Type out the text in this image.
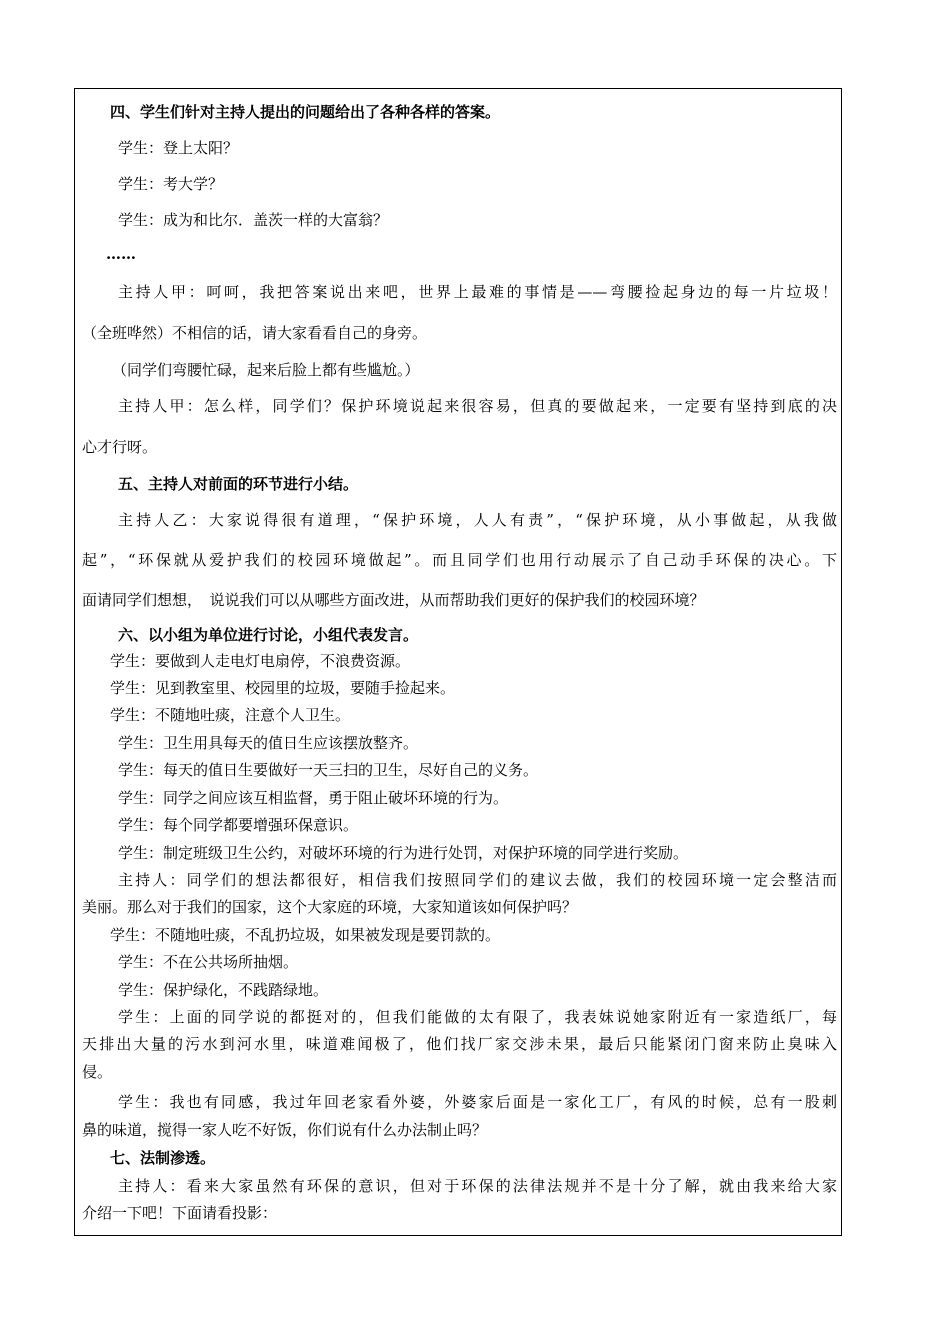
四、学生们针对主持人提出的问题给出了各种各样的答案。
学生：登上太阳？
学生：考大学？
学生：成为和比尔．盖茨一样的大富翁？
……
主持人甲：呵呵，我把答案说出来吧，世界上最难的事情是——弯腰捡起身边的每一片垃圾！
（全班哗然）不相信的话，请大家看看自己的身旁。
（同学们弯腰忙碌，起来后脸上都有些尴尬。）
主持人甲：怎么样，同学们？保护环境说起来很容易，但真的要做起来，一定要有坚持到底的决
心才行呀。
五、主持人对前面的环节进行小结。
主持人乙：大家说得很有道理，“保护环境，人人有责”，“保护环境，从小事做起，从我做
起”，“环保就从爱护我们的校园环境做起”。而且同学们也用行动展示了自己动手环保的决心。下
面请同学们想想，　说说我们可以从哪些方面改进，从而帮助我们更好的保护我们的校园环境？
六、以小组为单位进行讨论，小组代表发言。
学生：要做到人走电灯电扇停，不浪费资源。
学生：见到教室里、校园里的垃圾，要随手捡起来。
学生：不随地吐痰，注意个人卫生。
学生：卫生用具每天的值日生应该摆放整齐。
学生：每天的值日生要做好一天三扫的卫生，尽好自己的义务。
学生：同学之间应该互相监督，勇于阻止破坏环境的行为。
学生：每个同学都要增强环保意识。
学生：制定班级卫生公约，对破坏环境的行为进行处罚，对保护环境的同学进行奖励。
主持人：同学们的想法都很好，相信我们按照同学们的建议去做，我们的校园环境一定会整洁而
美丽。那么对于我们的国家，这个大家庭的环境，大家知道该如何保护吗？
学生：不随地吐痰，不乱扔垃圾，如果被发现是要罚款的。
学生：不在公共场所抽烟。
学生：保护绿化，不践踏绿地。
学生：上面的同学说的都挺对的，但我们能做的太有限了，我表妹说她家附近有一家造纸厂，每
天排出大量的污水到河水里，味道难闻极了，他们找厂家交涉未果，最后只能紧闭门窗来防止臭味入
侵。
学生：我也有同感，我过年回老家看外婆，外婆家后面是一家化工厂，有风的时候，总有一股刺
鼻的味道，搅得一家人吃不好饭，你们说有什么办法制止吗？
七、法制渗透。
主持人：看来大家虽然有环保的意识，但对于环保的法律法规并不是十分了解，就由我来给大家
介绍一下吧！下面请看投影：
